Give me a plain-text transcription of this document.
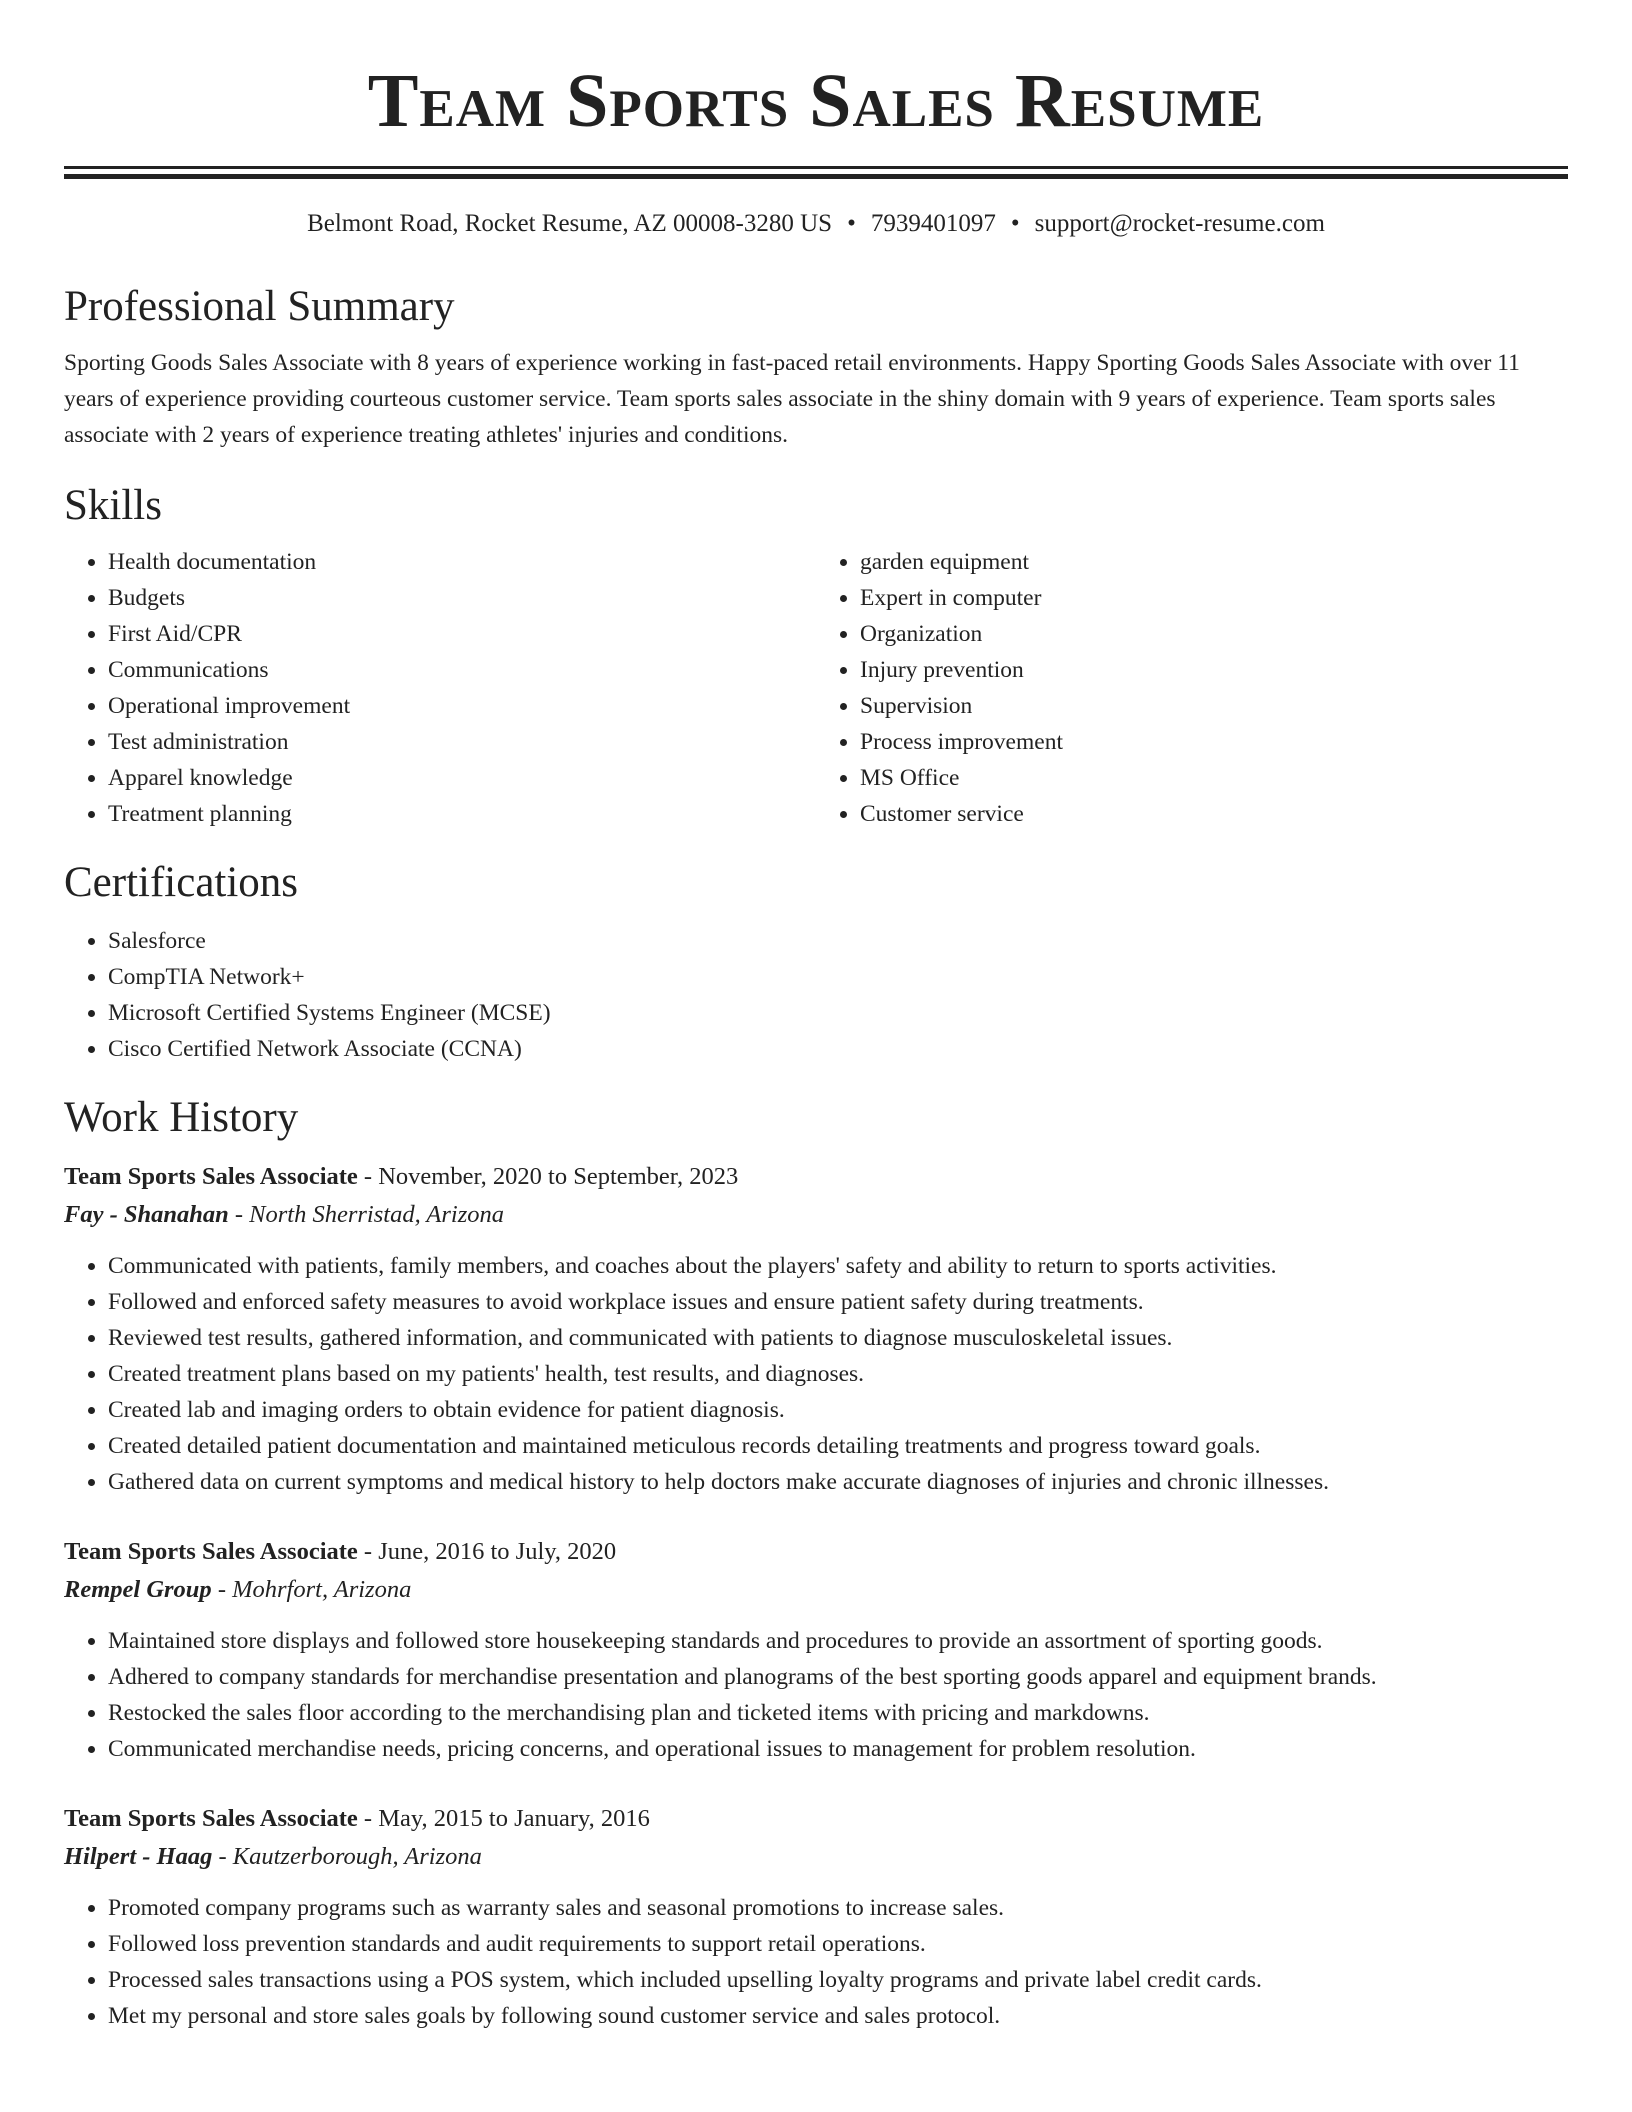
Team Sports Sales Resume
Belmont Road, Rocket Resume, AZ 00008-3280 US • 7939401097 • support@rocket-resume.com
Professional Summary
Sporting Goods Sales Associate with 8 years of experience working in fast-paced retail environments. Happy Sporting Goods Sales Associate with over 11 years of experience providing courteous customer service. Team sports sales associate in the shiny domain with 9 years of experience. Team sports sales associate with 2 years of experience treating athletes' injuries and conditions.
Skills
• Health documentation
• Budgets
• First Aid/CPR
• Communications
• Operational improvement
• Test administration
• Apparel knowledge
• Treatment planning
• garden equipment
• Expert in computer
• Organization
• Injury prevention
• Supervision
• Process improvement
• MS Office
• Customer service
Certifications
• Salesforce
• CompTIA Network+
• Microsoft Certified Systems Engineer (MCSE)
• Cisco Certified Network Associate (CCNA)
Work History
Team Sports Sales Associate - November, 2020 to September, 2023
Fay - Shanahan - North Sherristad, Arizona
• Communicated with patients, family members, and coaches about the players' safety and ability to return to sports activities.
• Followed and enforced safety measures to avoid workplace issues and ensure patient safety during treatments.
• Reviewed test results, gathered information, and communicated with patients to diagnose musculoskeletal issues.
• Created treatment plans based on my patients' health, test results, and diagnoses.
• Created lab and imaging orders to obtain evidence for patient diagnosis.
• Created detailed patient documentation and maintained meticulous records detailing treatments and progress toward goals.
• Gathered data on current symptoms and medical history to help doctors make accurate diagnoses of injuries and chronic illnesses.
Team Sports Sales Associate - June, 2016 to July, 2020
Rempel Group - Mohrfort, Arizona
• Maintained store displays and followed store housekeeping standards and procedures to provide an assortment of sporting goods.
• Adhered to company standards for merchandise presentation and planograms of the best sporting goods apparel and equipment brands.
• Restocked the sales floor according to the merchandising plan and ticketed items with pricing and markdowns.
• Communicated merchandise needs, pricing concerns, and operational issues to management for problem resolution.
Team Sports Sales Associate - May, 2015 to January, 2016
Hilpert - Haag - Kautzerborough, Arizona
• Promoted company programs such as warranty sales and seasonal promotions to increase sales.
• Followed loss prevention standards and audit requirements to support retail operations.
• Processed sales transactions using a POS system, which included upselling loyalty programs and private label credit cards.
• Met my personal and store sales goals by following sound customer service and sales protocol.
